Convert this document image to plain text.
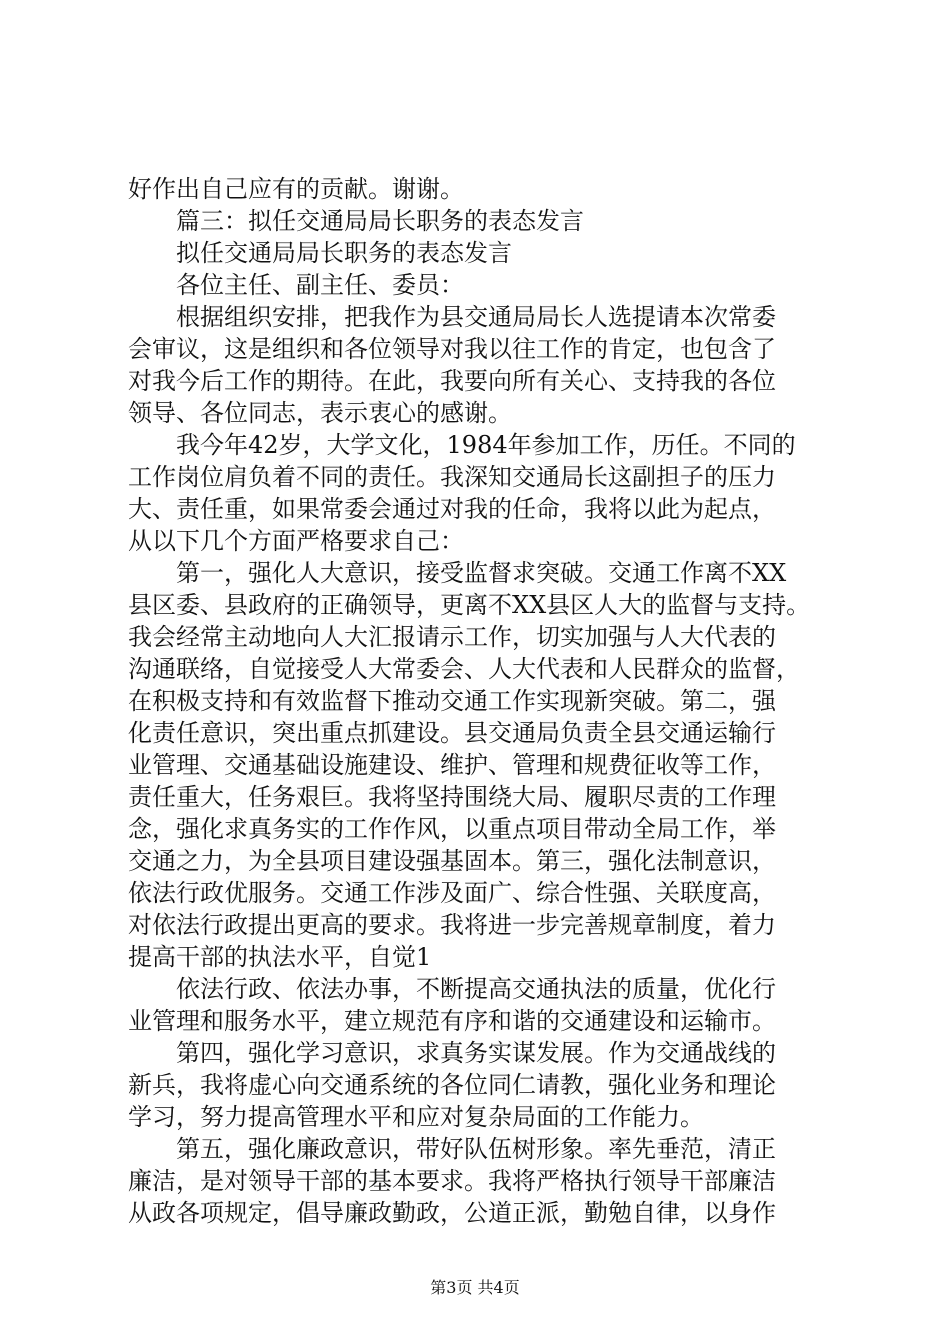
好作出自己应有的贡献。谢谢。
　　篇三：拟任交通局局长职务的表态发言
　　拟任交通局局长职务的表态发言
　　各位主任、副主任、委员：
　　根据组织安排，把我作为县交通局局长人选提请本次常委
会审议，这是组织和各位领导对我以往工作的肯定，也包含了
对我今后工作的期待。在此，我要向所有关心、支持我的各位
领导、各位同志，表示衷心的感谢。
　　我今年42岁，大学文化，1984年参加工作，历任。不同的
工作岗位肩负着不同的责任。我深知交通局长这副担子的压力
大、责任重，如果常委会通过对我的任命，我将以此为起点，
从以下几个方面严格要求自己：
　　第一，强化人大意识，接受监督求突破。交通工作离不XX
县区委、县政府的正确领导，更离不XX县区人大的监督与支持。
我会经常主动地向人大汇报请示工作，切实加强与人大代表的
沟通联络，自觉接受人大常委会、人大代表和人民群众的监督，
在积极支持和有效监督下推动交通工作实现新突破。第二，强
化责任意识，突出重点抓建设。县交通局负责全县交通运输行
业管理、交通基础设施建设、维护、管理和规费征收等工作，
责任重大，任务艰巨。我将坚持围绕大局、履职尽责的工作理
念，强化求真务实的工作作风，以重点项目带动全局工作，举
交通之力，为全县项目建设强基固本。第三，强化法制意识，
依法行政优服务。交通工作涉及面广、综合性强、关联度高，
对依法行政提出更高的要求。我将进一步完善规章制度，着力
提高干部的执法水平，自觉1
　　依法行政、依法办事，不断提高交通执法的质量，优化行
业管理和服务水平，建立规范有序和谐的交通建设和运输市。
　　第四，强化学习意识，求真务实谋发展。作为交通战线的
新兵，我将虚心向交通系统的各位同仁请教，强化业务和理论
学习，努力提高管理水平和应对复杂局面的工作能力。
　　第五，强化廉政意识，带好队伍树形象。率先垂范，清正
廉洁，是对领导干部的基本要求。我将严格执行领导干部廉洁
从政各项规定，倡导廉政勤政，公道正派，勤勉自律，以身作
第3页 共4页
